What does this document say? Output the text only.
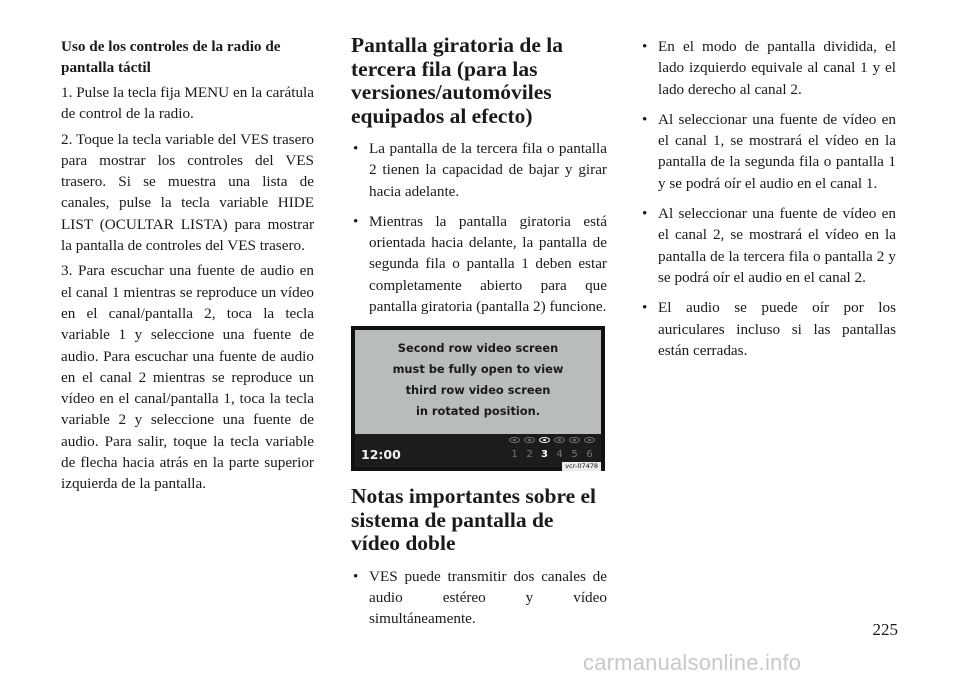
Uso de los controles de la radio de pantalla táctil

1. Pulse la tecla fija MENU en la carátula de control de la radio.

2. Toque la tecla variable del VES trasero para mostrar los controles del VES trasero. Si se muestra una lista de canales, pulse la tecla variable HIDE LIST (OCULTAR LISTA) para mostrar la pantalla de controles del VES trasero.

3. Para escuchar una fuente de audio en el canal 1 mientras se reproduce un vídeo en el canal/pantalla 2, toca la tecla variable 1 y seleccione una fuente de audio. Para escuchar una fuente de audio en el canal 2 mientras se reproduce un vídeo en el canal/pantalla 1, toca la tecla variable 2 y seleccione una fuente de audio. Para salir, toque la tecla variable de flecha hacia atrás en la parte superior izquierda de la pantalla.

Pantalla giratoria de la tercera fila (para las versiones/automóviles equipados al efecto)
• La pantalla de la tercera fila o pantalla 2 tienen la capacidad de bajar y girar hacia adelante.
• Mientras la pantalla giratoria está orientada hacia delante, la pantalla de segunda fila o pantalla 1 deben estar completamente abierto para que pantalla giratoria (pantalla 2) funcione.
Second row video screen
must be fully open to view
third row video screen
in rotated position.
12:00	1 2 3 4 5 6
vcr-07478
Notas importantes sobre el sistema de pantalla de vídeo doble
• VES puede transmitir dos canales de audio estéreo y vídeo simultáneamente.
• En el modo de pantalla dividida, el lado izquierdo equivale al canal 1 y el lado derecho al canal 2.
• Al seleccionar una fuente de vídeo en el canal 1, se mostrará el vídeo en la pantalla de la segunda fila o pantalla 1 y se podrá oír el audio en el canal 1.
• Al seleccionar una fuente de vídeo en el canal 2, se mostrará el vídeo en la pantalla de la tercera fila o pantalla 2 y se podrá oír el audio en el canal 2.
• El audio se puede oír por los auriculares incluso si las pantallas están cerradas.
225
carmanualsonline.info
